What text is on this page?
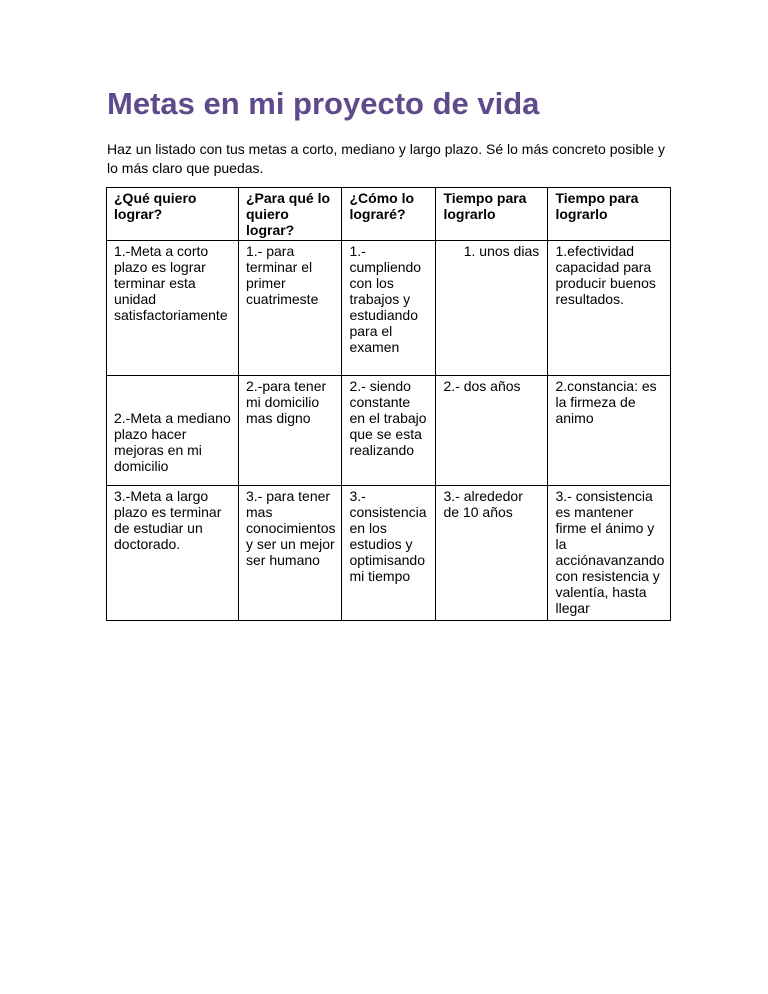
Metas en mi proyecto de vida

Haz un listado con tus metas a corto, mediano y largo plazo. Sé lo más concreto posible y lo más claro que puedas.

¿Qué quiero lograr?	¿Para qué lo quiero lograr?	¿Cómo lo lograré?	Tiempo para lograrlo	Tiempo para lograrlo
1.-Meta a corto plazo es lograr terminar esta unidad satisfactoriamente	1.- para terminar el primer cuatrimeste	1.- cumpliendo con los trabajos y estudiando para el examen	1. unos dias	1.efectividad capacidad para producir buenos resultados.
2.-Meta a mediano plazo hacer mejoras en mi domicilio	2.-para tener mi domicilio mas digno	2.- siendo constante en el trabajo que se esta realizando	2.- dos años	2.constancia: es la firmeza de animo
3.-Meta a largo plazo es terminar de estudiar un doctorado.	3.- para tener mas conocimientos y ser un mejor ser humano	3.- consistencia en los estudios y optimisando mi tiempo	3.- alrededor de 10 años	3.- consistencia es mantener firme el ánimo y la acciónavanzando con resistencia y valentía, hasta llegar
